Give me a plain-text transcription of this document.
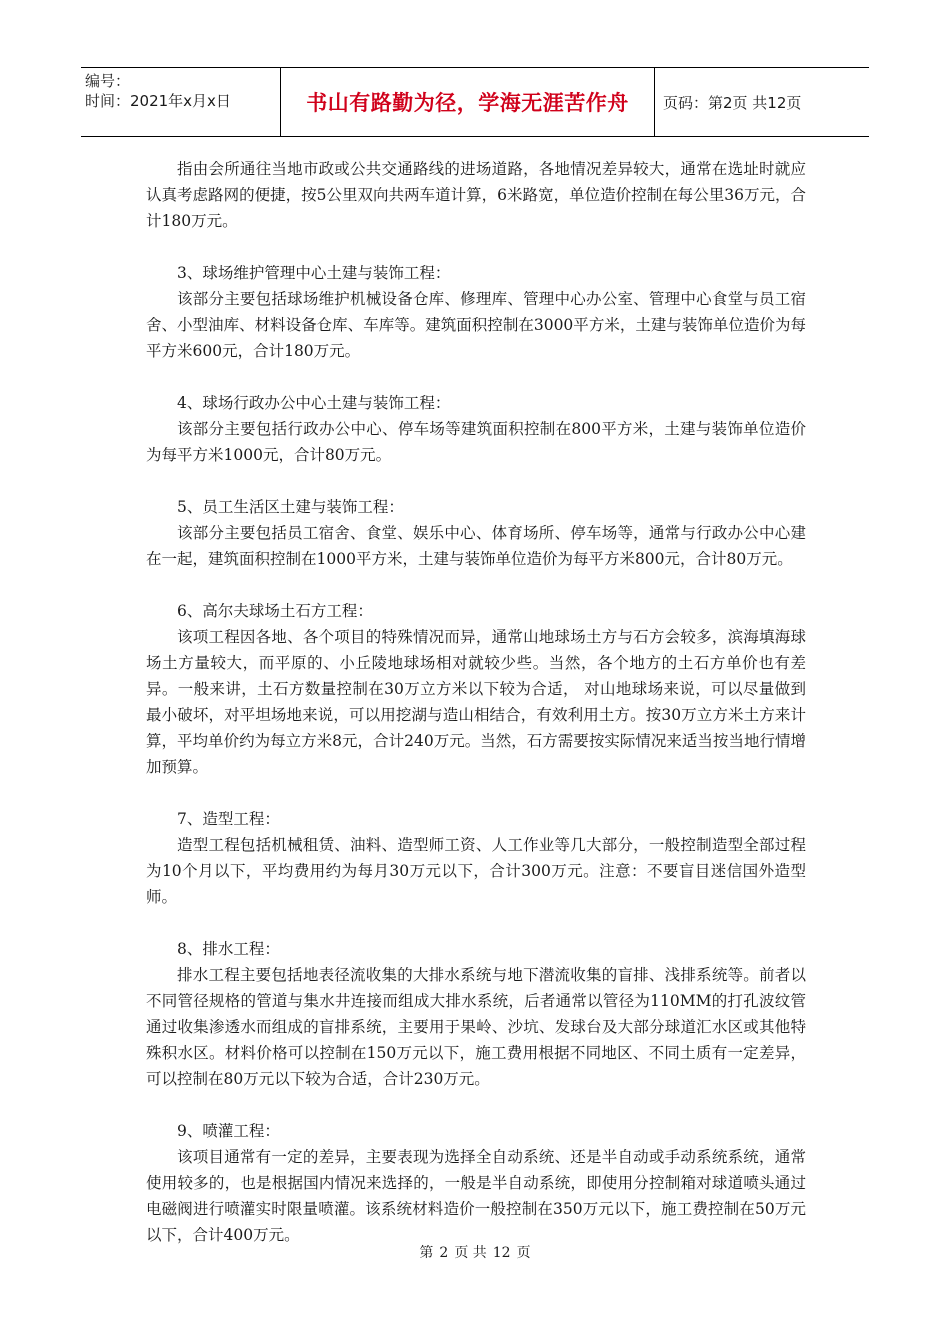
编号：
时间：2021年x月x日	书山有路勤为径，学海无涯苦作舟	页码：第2页 共12页

指由会所通往当地市政或公共交通路线的进场道路，各地情况差异较大，通常在选址时就应认真考虑路网的便捷，按5公里双向共两车道计算，6米路宽，单位造价控制在每公里36万元，合计180万元。

3、球场维护管理中心土建与装饰工程：

该部分主要包括球场维护机械设备仓库、修理库、管理中心办公室、管理中心食堂与员工宿舍、小型油库、材料设备仓库、车库等。建筑面积控制在3000平方米，土建与装饰单位造价为每平方米600元，合计180万元。

4、球场行政办公中心土建与装饰工程：

该部分主要包括行政办公中心、停车场等建筑面积控制在800平方米，土建与装饰单位造价为每平方米1000元，合计80万元。

5、员工生活区土建与装饰工程：

该部分主要包括员工宿舍、食堂、娱乐中心、体育场所、停车场等，通常与行政办公中心建在一起，建筑面积控制在1000平方米，土建与装饰单位造价为每平方米800元，合计80万元。

6、高尔夫球场土石方工程：

该项工程因各地、各个项目的特殊情况而异，通常山地球场土方与石方会较多，滨海填海球场土方量较大，而平原的、小丘陵地球场相对就较少些。当然，各个地方的土石方单价也有差异。一般来讲，土石方数量控制在30万立方米以下较为合适， 对山地球场来说，可以尽量做到最小破坏，对平坦场地来说，可以用挖湖与造山相结合，有效利用土方。按30万立方米土方来计算，平均单价约为每立方米8元，合计240万元。当然，石方需要按实际情况来适当按当地行情增加预算。

7、造型工程：

造型工程包括机械租赁、油料、造型师工资、人工作业等几大部分，一般控制造型全部过程为10个月以下，平均费用约为每月30万元以下，合计300万元。注意：不要盲目迷信国外造型师。

8、排水工程：

排水工程主要包括地表径流收集的大排水系统与地下潜流收集的盲排、浅排系统等。前者以不同管径规格的管道与集水井连接而组成大排水系统，后者通常以管径为110MM的打孔波纹管通过收集渗透水而组成的盲排系统，主要用于果岭、沙坑、发球台及大部分球道汇水区或其他特殊积水区。材料价格可以控制在150万元以下，施工费用根据不同地区、不同土质有一定差异，可以控制在80万元以下较为合适，合计230万元。

9、喷灌工程：

该项目通常有一定的差异，主要表现为选择全自动系统、还是半自动或手动系统系统，通常使用较多的，也是根据国内情况来选择的，一般是半自动系统，即使用分控制箱对球道喷头通过电磁阀进行喷灌实时限量喷灌。该系统材料造价一般控制在350万元以下，施工费控制在50万元以下，合计400万元。

第 2 页 共 12 页
